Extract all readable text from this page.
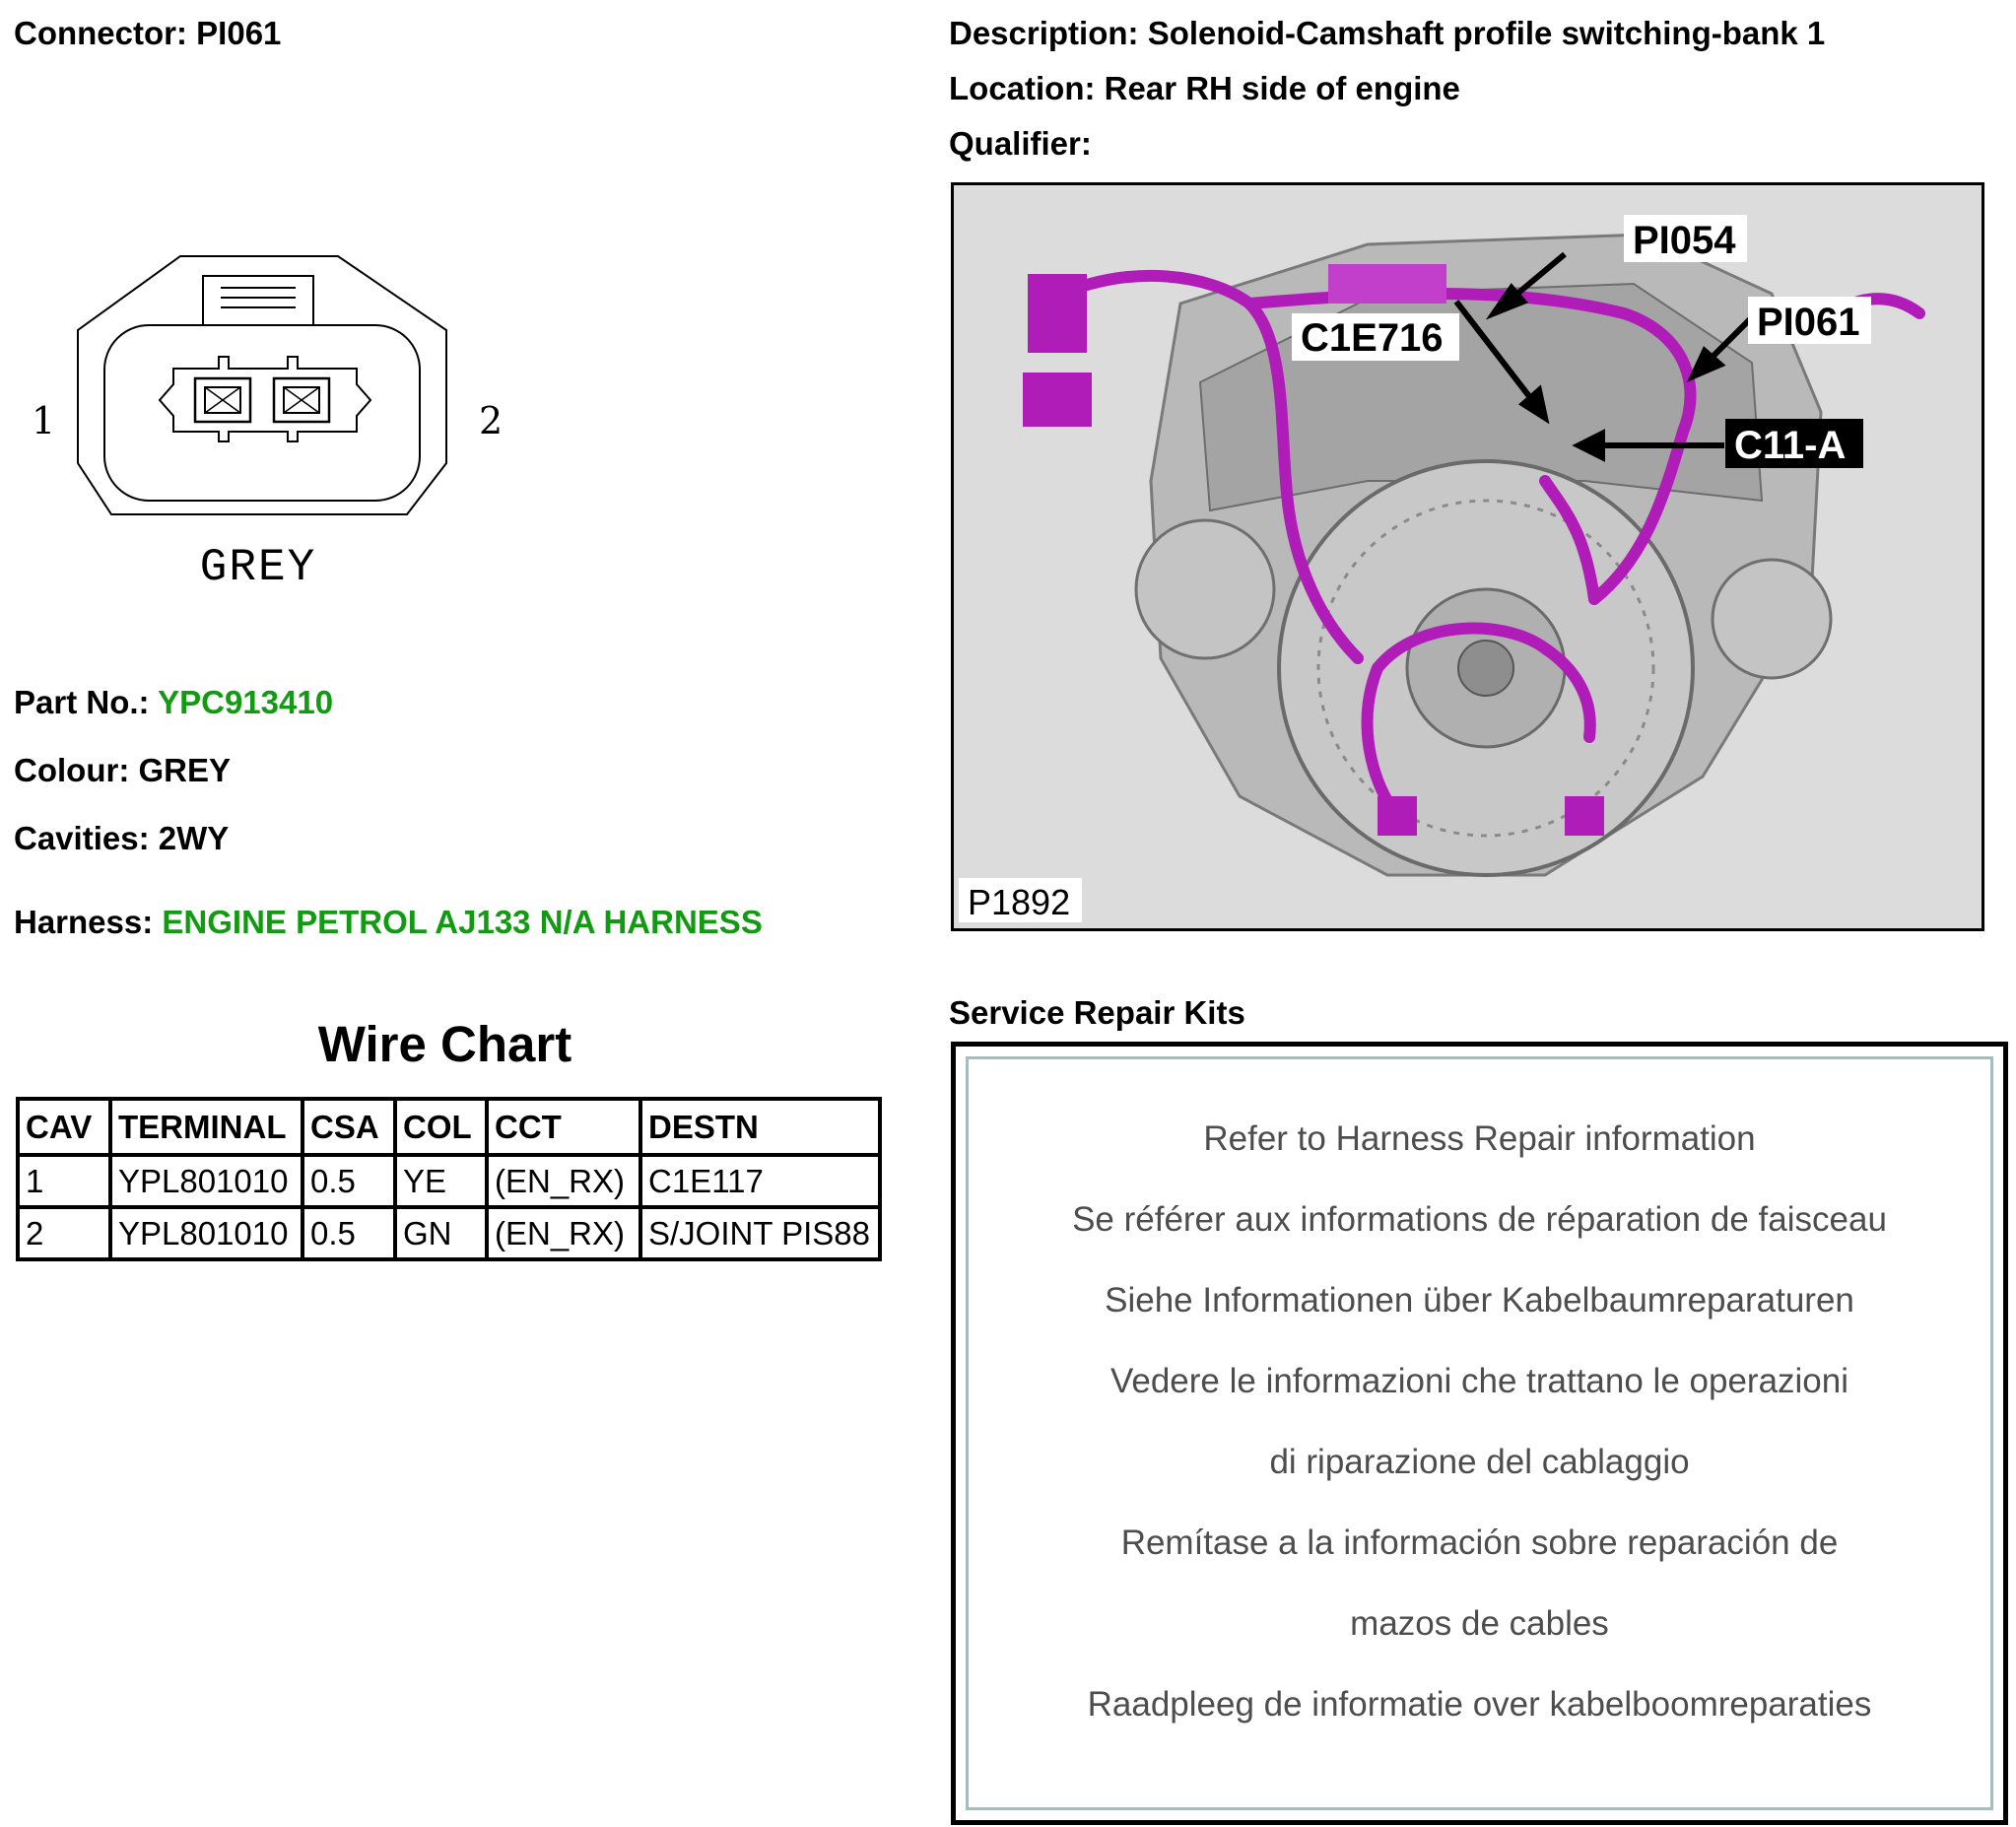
Connector: PI061	Description: Solenoid-Camshaft profile switching-bank 1
Location: Rear RH side of engine
Qualifier:
1	2
GREY
Part No.: YPC913410
Colour: GREY
Cavities: 2WY
Harness: ENGINE PETROL AJ133 N/A HARNESS
PI054
C1E716	PI061
C11-A
P1892
Wire Chart
CAV	TERMINAL	CSA	COL	CCT	DESTN
1	YPL801010	0.5	YE	(EN_RX)	C1E117
2	YPL801010	0.5	GN	(EN_RX)	S/JOINT PIS88
Service Repair Kits
Refer to Harness Repair information
Se référer aux informations de réparation de faisceau
Siehe Informationen über Kabelbaumreparaturen
Vedere le informazioni che trattano le operazioni
di riparazione del cablaggio
Remítase a la información sobre reparación de
mazos de cables
Raadpleeg de informatie over kabelboomreparaties
